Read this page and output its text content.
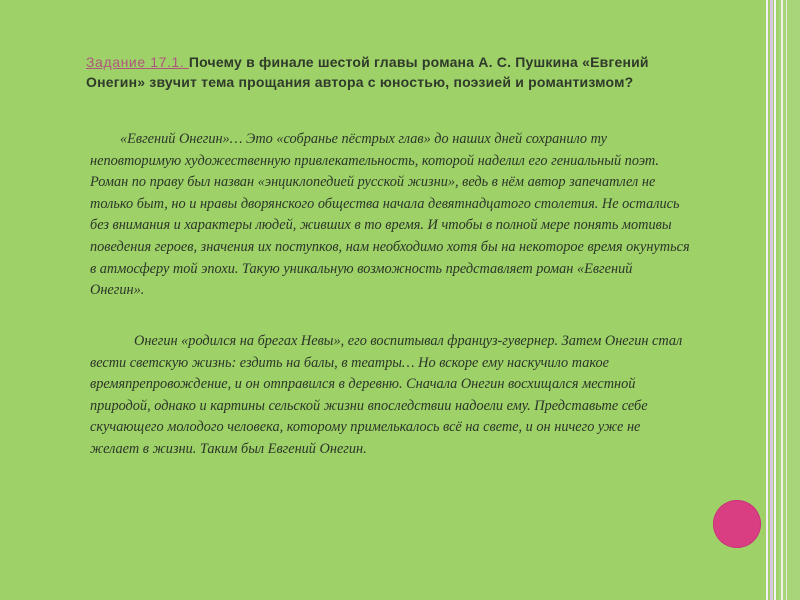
Задание 17.1. Почему в финале шестой главы романа А. С. Пушкина «Евгений Онегин» звучит тема прощания автора с юностью, поэзией и романтизмом?

«Евгений Онегин»… Это «собранье пёстрых глав» до наших дней сохранило ту неповторимую художественную привлекательность, которой наделил его гениальный поэт. Роман по праву был назван «энциклопедией русской жизни», ведь в нём автор запечатлел не только быт, но и нравы дворянского общества начала девятнадцатого столетия. Не остались без внимания и характеры людей, живших в то время. И чтобы в полной мере понять мотивы поведения героев, значения их поступков, нам необходимо хотя бы на некоторое время окунуться в атмосферу той эпохи. Такую уникальную возможность представляет роман «Евгений Онегин».

Онегин «родился на брегах Невы», его воспитывал француз-гувернер. Затем Онегин стал вести светскую жизнь: ездить на балы, в театры… Но вскоре ему наскучило такое времяпрепровождение, и он отправился в деревню. Сначала Онегин восхищался местной природой, однако и картины сельской жизни впоследствии надоели ему. Представьте себе скучающего молодого человека, которому примелькалось всё на свете, и он ничего уже не желает в жизни. Таким был Евгений Онегин.
